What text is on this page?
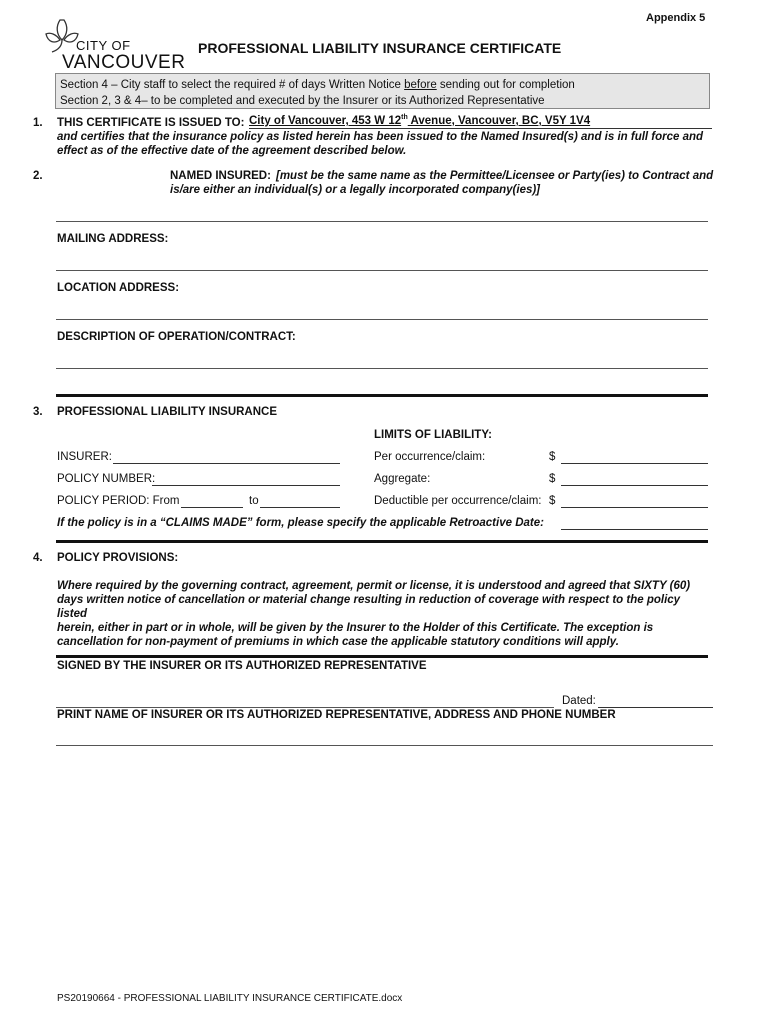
Appendix 5
CITY OF
VANCOUVER
PROFESSIONAL LIABILITY INSURANCE CERTIFICATE
Section 4 – City staff to select the required # of days Written Notice before sending out for completion
Section 2, 3 & 4– to be completed and executed by the Insurer or its Authorized Representative
1. THIS CERTIFICATE IS ISSUED TO: City of Vancouver, 453 W 12th Avenue, Vancouver, BC, V5Y 1V4
and certifies that the insurance policy as listed herein has been issued to the Named Insured(s) and is in full force and
effect as of the effective date of the agreement described below.
2.	NAMED INSURED: [must be the same name as the Permittee/Licensee or Party(ies) to Contract and
is/are either an individual(s) or a legally incorporated company(ies)]
MAILING ADDRESS:
LOCATION ADDRESS:
DESCRIPTION OF OPERATION/CONTRACT:
3. PROFESSIONAL LIABILITY INSURANCE
LIMITS OF LIABILITY:
INSURER:	Per occurrence/claim:	$
POLICY NUMBER:	Aggregate:	$
POLICY PERIOD: From	to	Deductible per occurrence/claim: $
If the policy is in a “CLAIMS MADE” form, please specify the applicable Retroactive Date:
4. POLICY PROVISIONS:
Where required by the governing contract, agreement, permit or license, it is understood and agreed that SIXTY (60)
days written notice of cancellation or material change resulting in reduction of coverage with respect to the policy listed
herein, either in part or in whole, will be given by the Insurer to the Holder of this Certificate. The exception is
cancellation for non-payment of premiums in which case the applicable statutory conditions will apply.
SIGNED BY THE INSURER OR ITS AUTHORIZED REPRESENTATIVE
Dated:
PRINT NAME OF INSURER OR ITS AUTHORIZED REPRESENTATIVE, ADDRESS AND PHONE NUMBER
PS20190664 - PROFESSIONAL LIABILITY INSURANCE CERTIFICATE.docx
